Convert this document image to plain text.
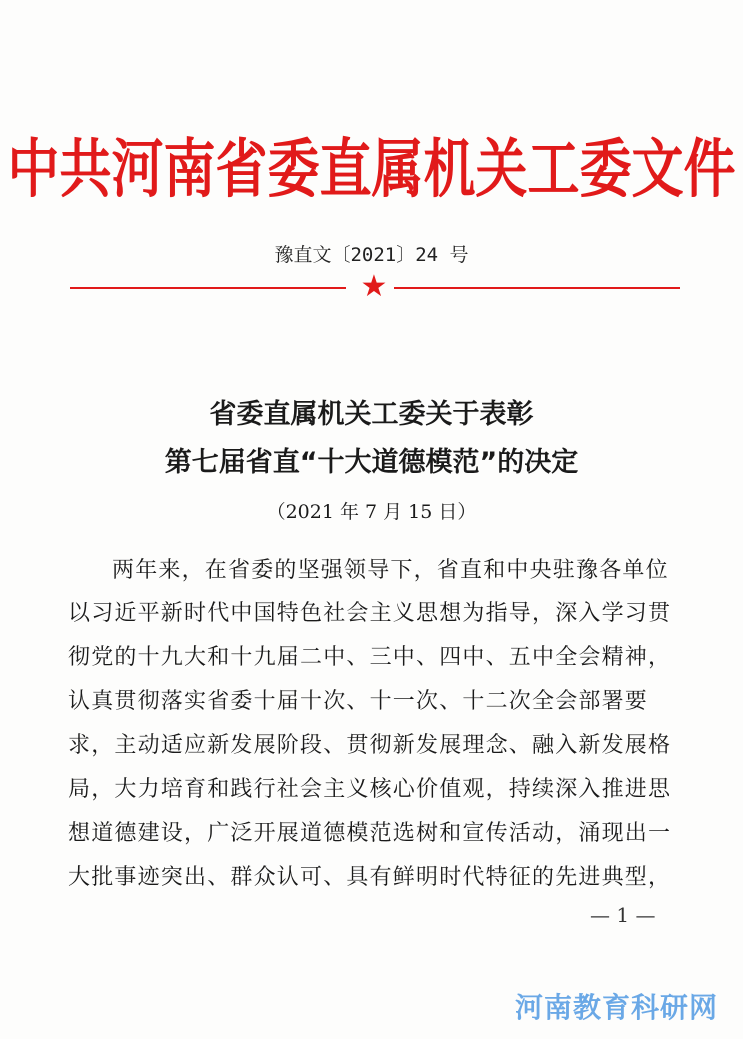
中共河南省委直属机关工委文件
豫直文〔2021〕24 号
★
省委直属机关工委关于表彰
第七届省直“十大道德模范”的决定
（2021 年 7 月 15 日）
两年来，在省委的坚强领导下，省直和中央驻豫各单位
以习近平新时代中国特色社会主义思想为指导，深入学习贯
彻党的十九大和十九届二中、三中、四中、五中全会精神，
认真贯彻落实省委十届十次、十一次、十二次全会部署要
求，主动适应新发展阶段、贯彻新发展理念、融入新发展格
局，大力培育和践行社会主义核心价值观，持续深入推进思
想道德建设，广泛开展道德模范选树和宣传活动，涌现出一
大批事迹突出、群众认可、具有鲜明时代特征的先进典型，
— 1 —
河南教育科研网
